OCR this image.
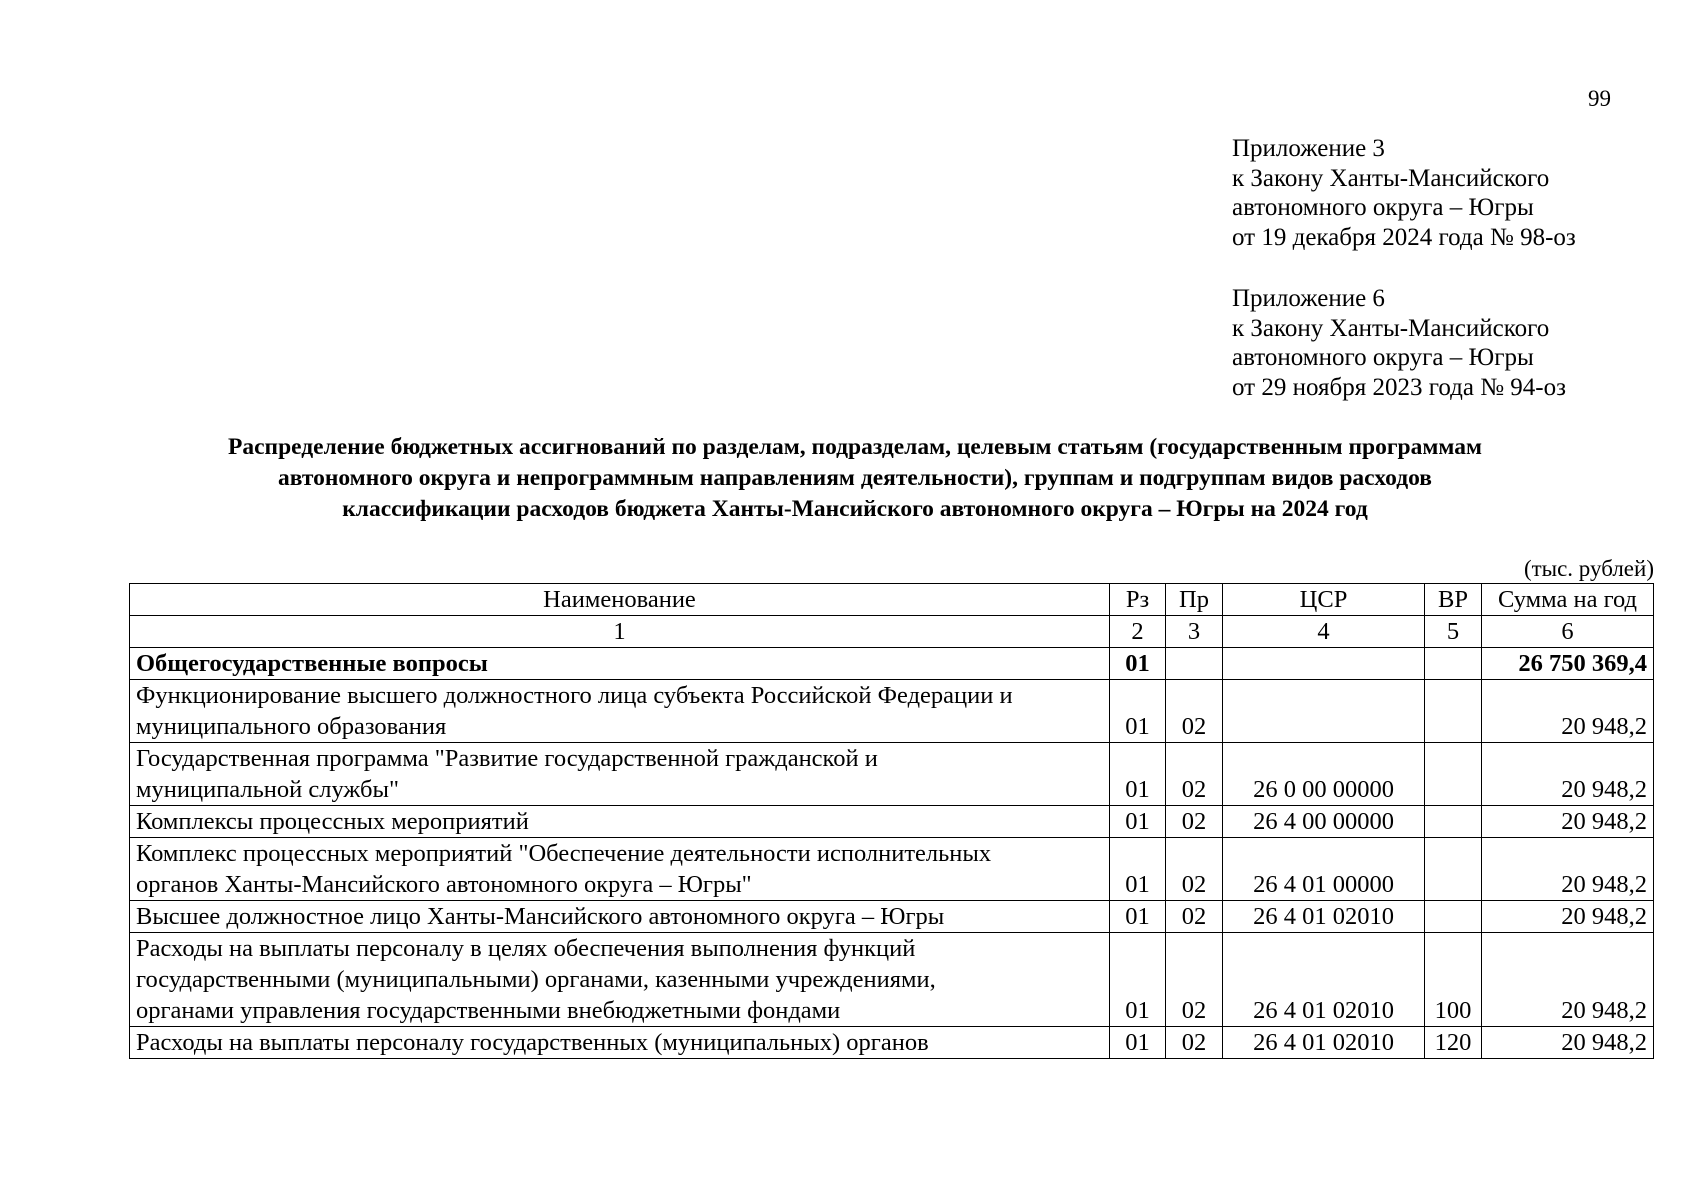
99
Приложение 3
к Закону Ханты-Мансийского
автономного округа – Югры
от 19 декабря 2024 года № 98-оз
Приложение 6
к Закону Ханты-Мансийского
автономного округа – Югры
от 29 ноября 2023 года № 94-оз
Распределение бюджетных ассигнований по разделам, подразделам, целевым статьям (государственным программам
автономного округа и непрограммным направлениям деятельности), группам и подгруппам видов расходов
классификации расходов бюджета Ханты-Мансийского автономного округа – Югры на 2024 год
(тыс. рублей)
Наименование	Рз	Пр	ЦСР	ВР	Сумма на год
1	2	3	4	5	6

Общегосударственные вопросы	01				26 750 369,4

Функционирование высшего должностного лица субъекта Российской Федерации и
муниципального образования	01	02			20 948,2

Государственная программа "Развитие государственной гражданской и
муниципальной службы"	01	02	26 0 00 00000		20 948,2

Комплексы процессных мероприятий	01	02	26 4 00 00000		20 948,2

Комплекс процессных мероприятий "Обеспечение деятельности исполнительных
органов Ханты-Мансийского автономного округа – Югры"	01	02	26 4 01 00000		20 948,2

Высшее должностное лицо Ханты-Мансийского автономного округа – Югры	01	02	26 4 01 02010		20 948,2

Расходы на выплаты персоналу в целях обеспечения выполнения функций
государственными (муниципальными) органами, казенными учреждениями,
органами управления государственными внебюджетными фондами	01	02	26 4 01 02010	100	20 948,2

Расходы на выплаты персоналу государственных (муниципальных) органов	01	02	26 4 01 02010	120	20 948,2
